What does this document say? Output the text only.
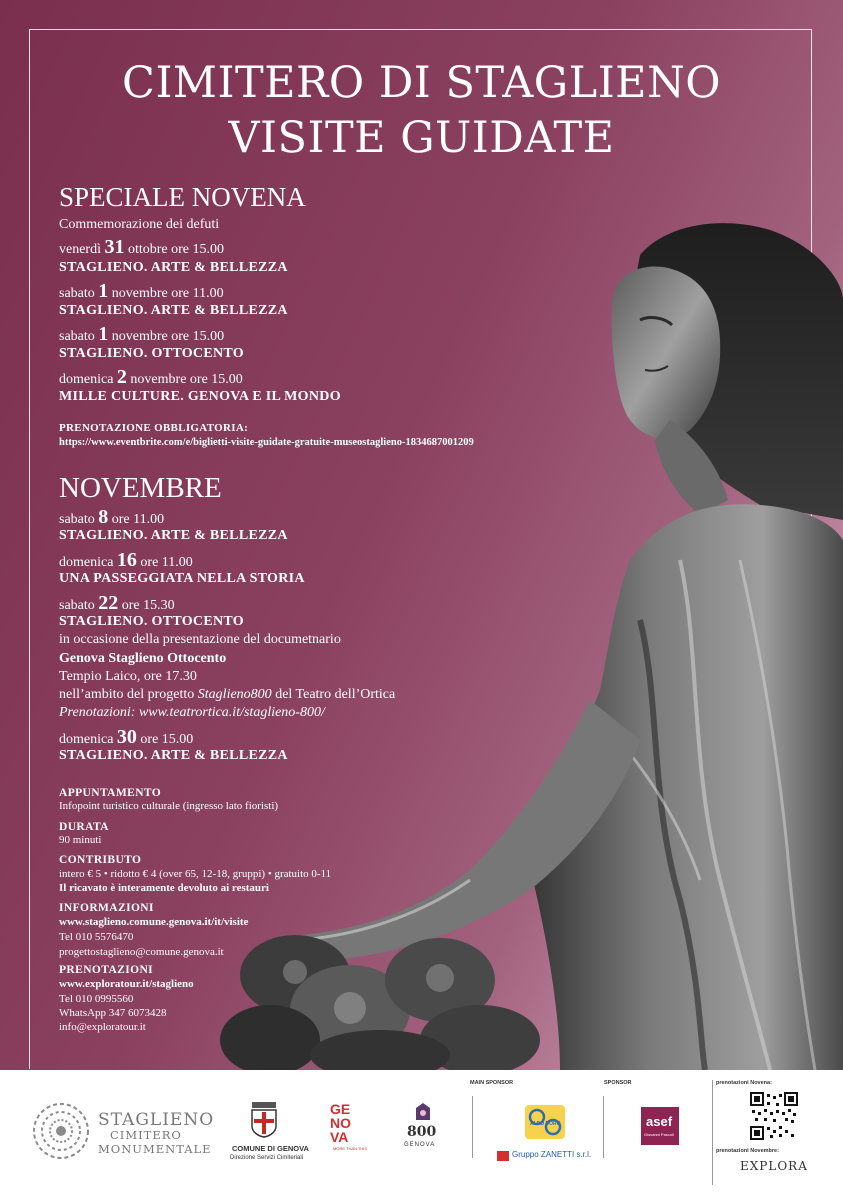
CIMITERO DI STAGLIENO
VISITE GUIDATE
SPECIALE NOVENA
Commemorazione dei defuti
venerdì 31 ottobre ore 15.00
STAGLIENO. ARTE & BELLEZZA
sabato 1 novembre ore 11.00
STAGLIENO. ARTE & BELLEZZA
sabato 1 novembre ore 15.00
STAGLIENO. OTTOCENTO
domenica 2 novembre ore 15.00
MILLE CULTURE. GENOVA E IL MONDO
PRENOTAZIONE OBBLIGATORIA:
https://www.eventbrite.com/e/biglietti-visite-guidate-gratuite-museostaglieno-1834687001209
NOVEMBRE
sabato 8 ore 11.00
STAGLIENO. ARTE & BELLEZZA
domenica 16 ore 11.00
UNA PASSEGGIATA NELLA STORIA
sabato 22 ore 15.30
STAGLIENO. OTTOCENTO
in occasione della presentazione del documetnario
Genova Staglieno Ottocento
Tempio Laico, ore 17.30
nell’ambito del progetto Staglieno800 del Teatro dell’Ortica
Prenotazioni: www.teatrortica.it/staglieno-800/
domenica 30 ore 15.00
STAGLIENO. ARTE & BELLEZZA
APPUNTAMENTO
Infopoint turistico culturale (ingresso lato fioristi)
DURATA
90 minuti
CONTRIBUTO
intero € 5 • ridotto € 4 (over 65, 12-18, gruppi) • gratuito 0-11
Il ricavato è interamente devoluto ai restauri
INFORMAZIONI
www.staglieno.comune.genova.it/it/visite
Tel 010 5576470
progettostaglieno@comune.genova.it
PRENOTAZIONI
www.exploratour.it/staglieno
Tel 010 0995560
WhatsApp 347 6073428
info@exploratour.it
STAGLIENO
CIMITERO
MONUMENTALE	COMUNE DI GENOVA
Direzione Servizi Cimiteriali
GE
NO
VA
MORE THAN THIS
800
GENOVA
MAIN SPONSOR
ALBO DORO
Gruppo ZANETTI s.r.l.
SPONSOR
asef
Giovanni Pascoli
prenotazioni Novena:
prenotazioni Novembre:
EXPLORA
